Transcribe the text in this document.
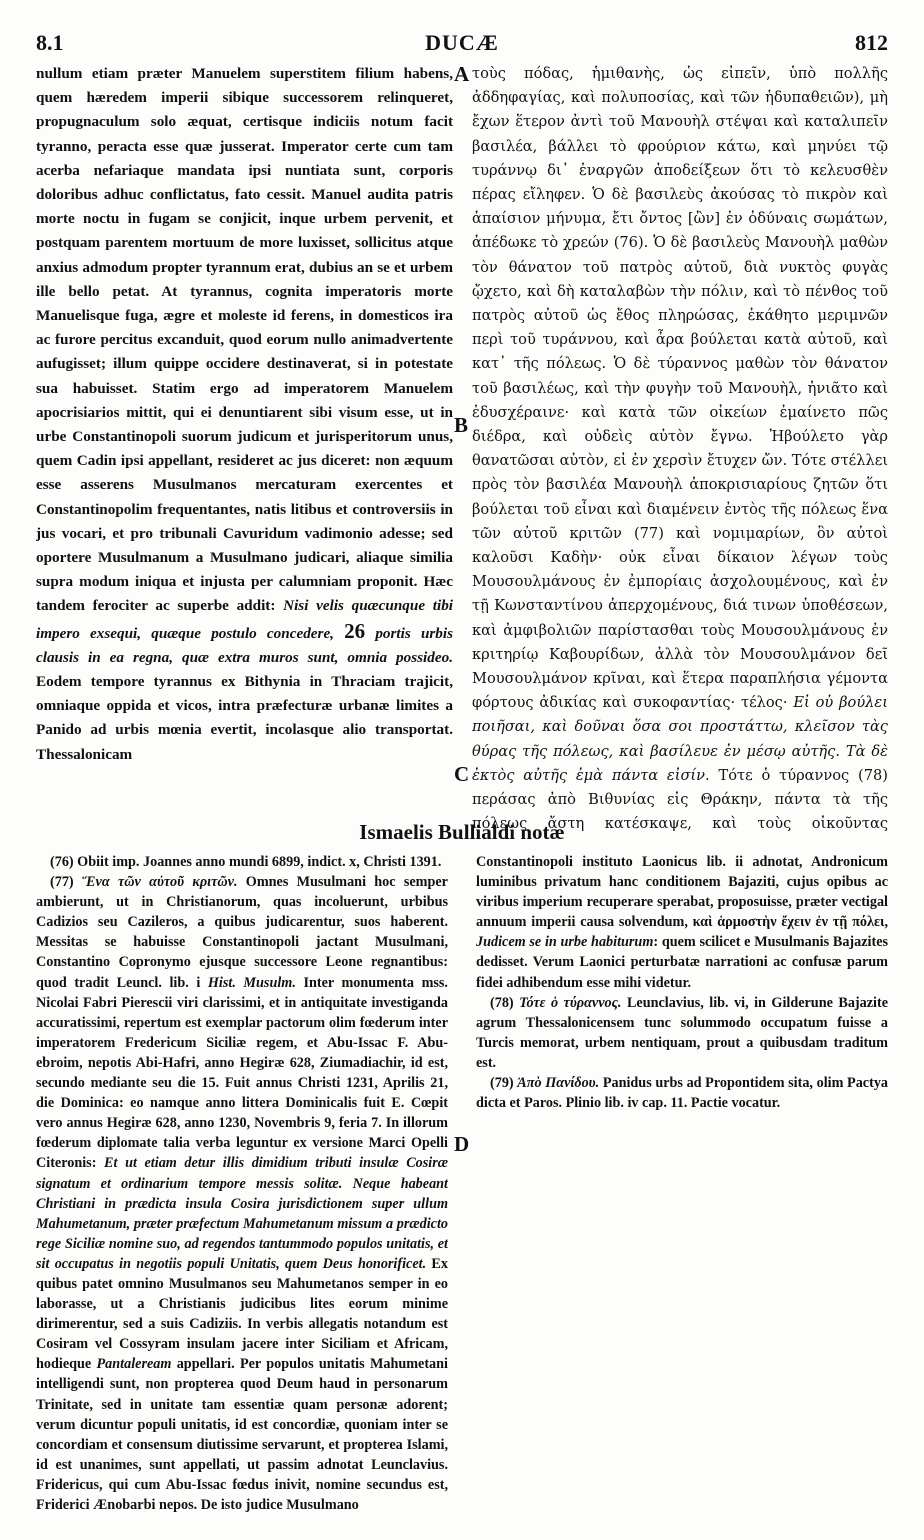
8.1	DUCÆ	812

nullum etiam præter Manuelem superstitem filium habens, quem hæredem imperii sibique successorem relinqueret, propugnaculum solo æquat, certisque indiciis notum facit tyranno, peracta esse quæ jusserat. Imperator certe cum tam acerba nefariaque mandata ipsi nuntiata sunt, corporis doloribus adhuc conflictatus, fato cessit. Manuel audita patris morte noctu in fugam se conjicit, inque urbem pervenit, et postquam parentem mortuum de more luxisset, sollicitus atque anxius admodum propter tyrannum erat, dubius an se et urbem ille bello petat. At tyrannus, cognita imperatoris morte Manuelisque fuga, ægre et moleste id ferens, in domesticos ira ac furore percitus excanduit, quod eorum nullo animadvertente aufugisset; illum quippe occidere destinaverat, si in potestate sua habuisset. Statim ergo ad imperatorem Manuelem apocrisiarios mittit, qui ei denuntiarent sibi visum esse, ut in urbe Constantinopoli suorum judicum et jurisperitorum unus, quem Cadin ipsi appellant, resideret ac jus diceret: non æquum esse asserens Musulmanos mercaturam exercentes et Constantinopolim frequentantes, natis litibus et controversiis in jus vocari, et pro tribunali Cavuridum vadimonio adesse; sed oportere Musulmanum a Musulmano judicari, aliaque similia supra modum iniqua et injusta per calumniam proponit. Hæc tandem ferociter ac superbe addit: Nisi velis quæcunque tibi impero exsequi, quæque postulo concedere, 26 portis urbis clausis in ea regna, quæ extra muros sunt, omnia possideo. Eodem tempore tyrannus ex Bithynia in Thraciam trajicit, omniaque oppida et vicos, intra præfecturæ urbanæ limites a Panido ad urbis mœnia evertit, incolasque alio transportat. Thessalonicam

A
B
C
D

τοὺς πόδας, ἡμιθανὴς, ὡς εἰπεῖν, ὑπὸ πολλῆς ἀδδηφαγίας, καὶ πολυποσίας, καὶ τῶν ἡδυπαθειῶν), μὴ ἔχων ἕτερον ἀντὶ τοῦ Μανουὴλ στέψαι καὶ καταλιπεῖν βασιλέα, βάλλει τὸ φρούριον κάτω, καὶ μηνύει τῷ τυράννῳ δι᾽ ἐναργῶν ἀποδείξεων ὅτι τὸ κελευσθὲν πέρας εἴληφεν. Ὁ δὲ βασιλεὺς ἀκούσας τὸ πικρὸν καὶ ἀπαίσιον μήνυμα, ἔτι ὄντος [ὢν] ἐν ὀδύναις σωμάτων, ἀπέδωκε τὸ χρεών (76). Ὁ δὲ βασιλεὺς Μανουὴλ μαθὼν τὸν θάνατον τοῦ πατρὸς αὐτοῦ, διὰ νυκτὸς φυγὰς ᾤχετο, καὶ δὴ καταλαβὼν τὴν πόλιν, καὶ τὸ πένθος τοῦ πατρὸς αὐτοῦ ὡς ἔθος πληρώσας, ἐκάθητο μεριμνῶν περὶ τοῦ τυράννου, καὶ ἆρα βούλεται κατὰ αὐτοῦ, καὶ κατ᾽ τῆς πόλεως. Ὁ δὲ τύραννος μαθὼν τὸν θάνατον τοῦ βασιλέως, καὶ τὴν φυγὴν τοῦ Μανουὴλ, ἠνιᾶτο καὶ ἐδυσχέραινε· καὶ κατὰ τῶν οἰκείων ἐμαίνετο πῶς διέδρα, καὶ οὐδεὶς αὐτὸν ἔγνω. Ἠβούλετο γὰρ θανατῶσαι αὐτὸν, εἰ ἐν χερσὶν ἔτυχεν ὤν. Τότε στέλλει πρὸς τὸν βασιλέα Μανουὴλ ἀποκρισιαρίους ζητῶν ὅτι βούλεται τοῦ εἶναι καὶ διαμένειν ἐντὸς τῆς πόλεως ἕνα τῶν αὐτοῦ κριτῶν (77) καὶ νομιμαρίων, ὃν αὐτοὶ καλοῦσι Καδὴν· οὐκ εἶναι δίκαιον λέγων τοὺς Μουσουλμάνους ἐν ἐμπορίαις ἀσχολουμένους, καὶ ἐν τῇ Κωνσταντίνου ἀπερχομένους, διά τινων ὑποθέσεων, καὶ ἀμφιβολιῶν παρίστασθαι τοὺς Μουσουλμάνους ἐν κριτηρίῳ Καβουρίδων, ἀλλὰ τὸν Μουσουλμάνον δεῖ Μουσουλμάνον κρῖναι, καὶ ἕτερα παραπλήσια γέμοντα φόρτους ἀδικίας καὶ συκοφαντίας· τέλος· Εἰ οὐ βούλει ποιῆσαι, καὶ δοῦναι ὅσα σοι προστάττω, κλεῖσον τὰς θύρας τῆς πόλεως, καὶ βασίλευε ἐν μέσῳ αὐτῆς. Τὰ δὲ ἐκτὸς αὐτῆς ἐμὰ πάντα εἰσίν. Τότε ὁ τύραννος (78) περάσας ἀπὸ Βιθυνίας εἰς Θράκην, πάντα τὰ τῆς πόλεως ἄστη κατέσκαψε, καὶ τοὺς οἰκοῦντας

Ismaelis Bullialdi notæ

(76) Obiit imp. Joannes anno mundi 6899, indict. x, Christi 1391.

(77) Ἕνα τῶν αὐτοῦ κριτῶν. Omnes Musulmani hoc semper ambierunt, ut in Christianorum, quas incoluerunt, urbibus Cadizios seu Cazileros, a quibus judicarentur, suos haberent. Messitas se habuisse Constantinopoli jactant Musulmani, Constantino Copronymo ejusque successore Leone regnantibus: quod tradit Leuncl. lib. i Hist. Musulm. Inter monumenta mss. Nicolai Fabri Pierescii viri clarissimi, et in antiquitate investiganda accuratissimi, repertum est exemplar pactorum olim fœderum inter imperatorem Fredericum Siciliæ regem, et Abu-Issac F. Abu-ebroim, nepotis Abi-Hafri, anno Hegiræ 628, Ziumadiachir, id est, secundo mediante seu die 15. Fuit annus Christi 1231, Aprilis 21, die Dominica: eo namque anno littera Dominicalis fuit E. Cœpit vero annus Hegiræ 628, anno 1230, Novembris 9, feria 7. In illorum fœderum diplomate talia verba leguntur ex versione Marci Opelli Citeronis: Et ut etiam detur illis dimidium tributi insulæ Cosiræ signatum et ordinarium tempore messis solitæ. Neque habeant Christiani in prædicta insula Cosira jurisdictionem super ullum Mahumetanum, præter præfectum Mahumetanum missum a prædicto rege Siciliæ nomine suo, ad regendos tantummodo populos unitatis, et sit occupatus in negotiis populi Unitatis, quem Deus honorificet. Ex quibus patet omnino Musulmanos seu Mahumetanos semper in eo laborasse, ut a Christianis judicibus lites eorum minime dirimerentur, sed a suis Cadiziis. In verbis allegatis notandum est Cosiram vel Cossyram insulam jacere inter Siciliam et Africam, hodieque Pantaleream appellari. Per populos unitatis Mahumetani intelligendi sunt, non propterea quod Deum haud in personarum Trinitate, sed in unitate tam essentiæ quam personæ adorent; verum dicuntur populi unitatis, id est concordiæ, quoniam inter se concordiam et consensum diutissime servarunt, et propterea Islami, id est unanimes, sunt appellati, ut passim adnotat Leunclavius. Fridericus, qui cum Abu-Issac fœdus inivit, nomine secundus est, Friderici Ænobarbi nepos. De isto judice Musulmano

Constantinopoli instituto Laonicus lib. ii adnotat, Andronicum luminibus privatum hanc conditionem Bajaziti, cujus opibus ac viribus imperium recuperare sperabat, proposuisse, præter vectigal annuum imperii causa solvendum, καὶ ἁρμοστὴν ἔχειν ἐν τῇ πόλει, Judicem se in urbe habiturum: quem scilicet e Musulmanis Bajazites dedisset. Verum Laonici perturbatæ narrationi ac confusæ parum fidei adhibendum esse mihi videtur.

(78) Τότε ὁ τύραννος. Leunclavius, lib. vi, in Gilderune Bajazite agrum Thessalonicensem tunc solummodo occupatum fuisse a Turcis memorat, urbem nentiquam, prout a quibusdam traditum est.

(79) Ἀπὸ Πανίδου. Panidus urbs ad Propontidem sita, olim Pactya dicta et Paros. Plinio lib. iv cap. 11. Pactie vocatur.
